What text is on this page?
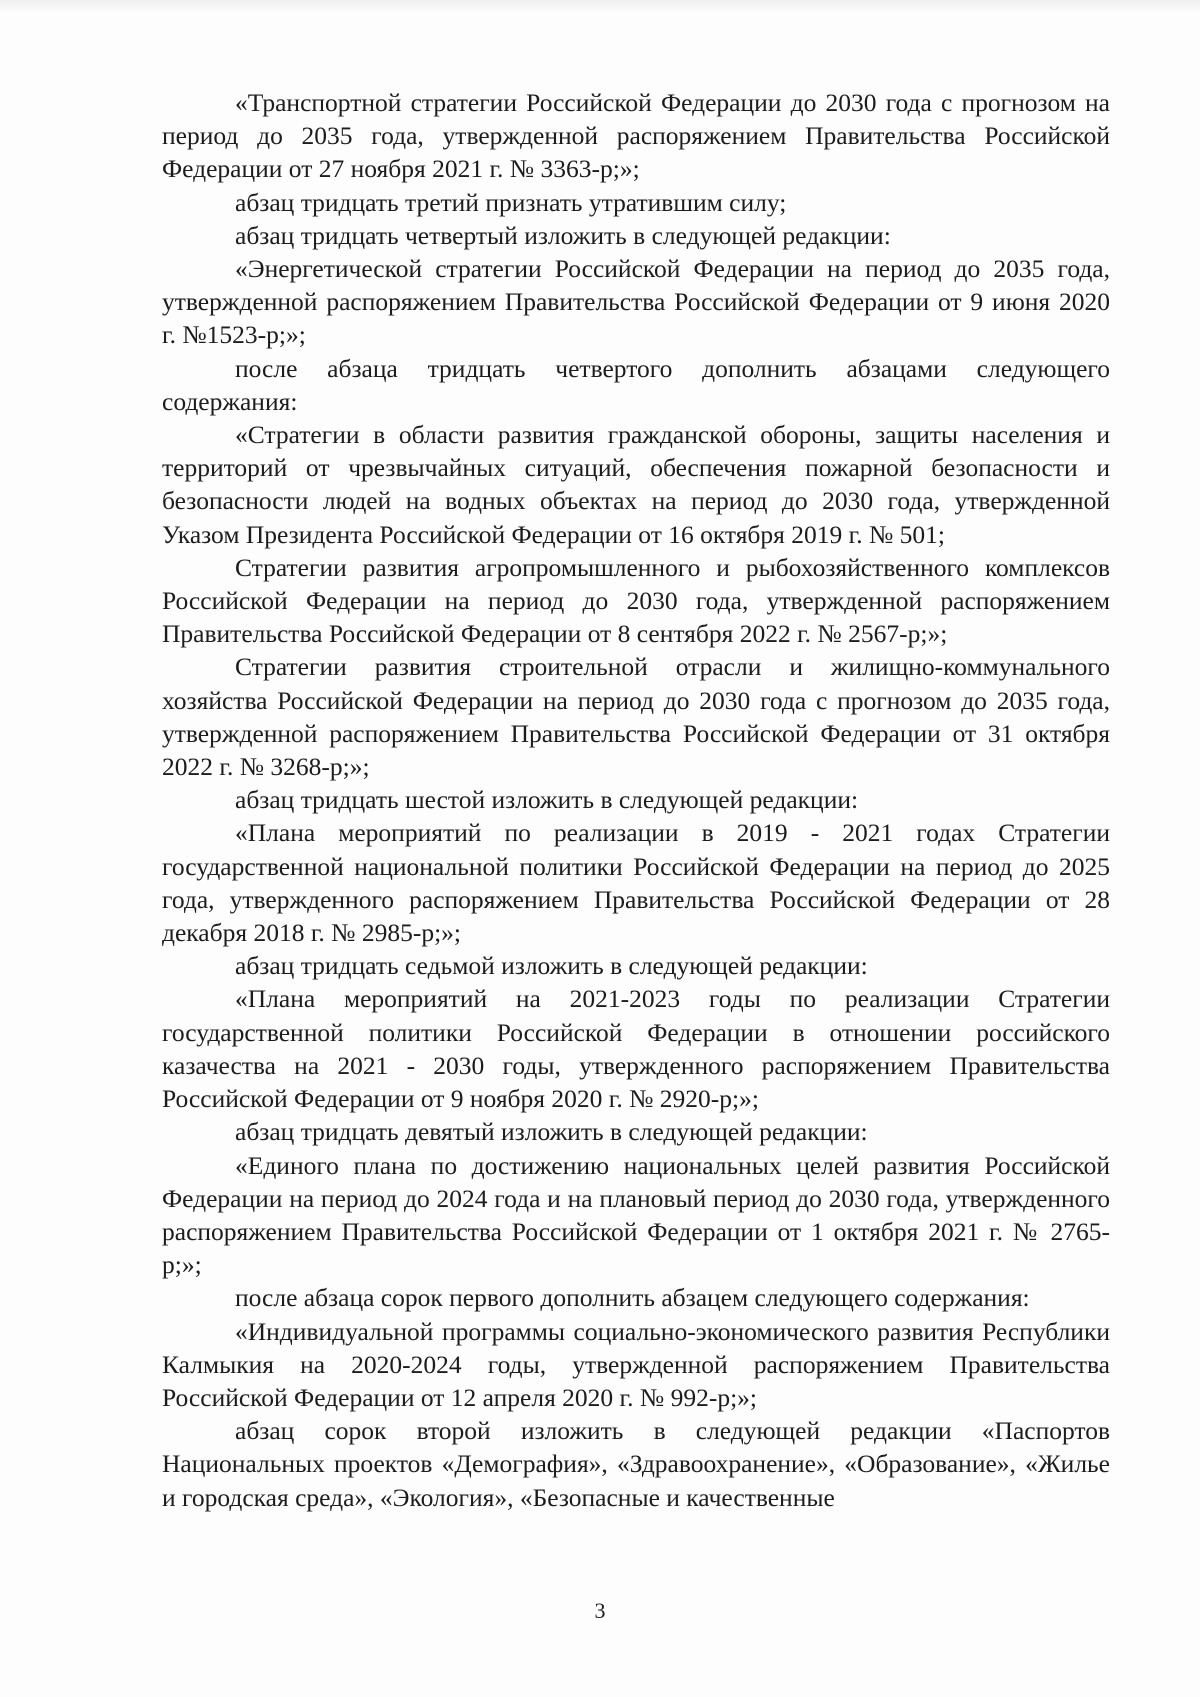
«Транспортной стратегии Российской Федерации до 2030 года с прогнозом на период до 2035 года, утвержденной распоряжением Правительства Российской Федерации от 27 ноября 2021 г. № 3363-р;»;

абзац тридцать третий признать утратившим силу;

абзац тридцать четвертый изложить в следующей редакции:

«Энергетической стратегии Российской Федерации на период до 2035 года, утвержденной распоряжением Правительства Российской Федерации от 9 июня 2020 г. №1523-р;»;

после абзаца тридцать четвертого дополнить абзацами следующего содержания:

«Стратегии в области развития гражданской обороны, защиты населения и территорий от чрезвычайных ситуаций, обеспечения пожарной безопасности и безопасности людей на водных объектах на период до 2030 года, утвержденной Указом Президента Российской Федерации от 16 октября 2019 г. № 501;

Стратегии развития агропромышленного и рыбохозяйственного комплексов Российской Федерации на период до 2030 года, утвержденной распоряжением Правительства Российской Федерации от 8 сентября 2022 г. № 2567-р;»;

Стратегии развития строительной отрасли и жилищно-коммунального хозяйства Российской Федерации на период до 2030 года с прогнозом до 2035 года, утвержденной распоряжением Правительства Российской Федерации от 31 октября 2022 г. № 3268-р;»;

абзац тридцать шестой изложить в следующей редакции:

«Плана мероприятий по реализации в 2019 - 2021 годах Стратегии государственной национальной политики Российской Федерации на период до 2025 года, утвержденного распоряжением Правительства Российской Федерации от 28 декабря 2018 г. № 2985-р;»;

абзац тридцать седьмой изложить в следующей редакции:

«Плана мероприятий на 2021-2023 годы по реализации Стратегии государственной политики Российской Федерации в отношении российского казачества на 2021 - 2030 годы, утвержденного распоряжением Правительства Российской Федерации от 9 ноября 2020 г. № 2920-р;»;

абзац тридцать девятый изложить в следующей редакции:

«Единого плана по достижению национальных целей развития Российской Федерации на период до 2024 года и на плановый период до 2030 года, утвержденного распоряжением Правительства Российской Федерации от 1 октября 2021 г. № 2765-р;»;

после абзаца сорок первого дополнить абзацем следующего содержания:

«Индивидуальной программы социально-экономического развития Республики Калмыкия на 2020-2024 годы, утвержденной распоряжением Правительства Российской Федерации от 12 апреля 2020 г. № 992-р;»;

абзац сорок второй изложить в следующей редакции «Паспортов Национальных проектов «Демография», «Здравоохранение», «Образование», «Жилье и городская среда», «Экология», «Безопасные и качественные

3
